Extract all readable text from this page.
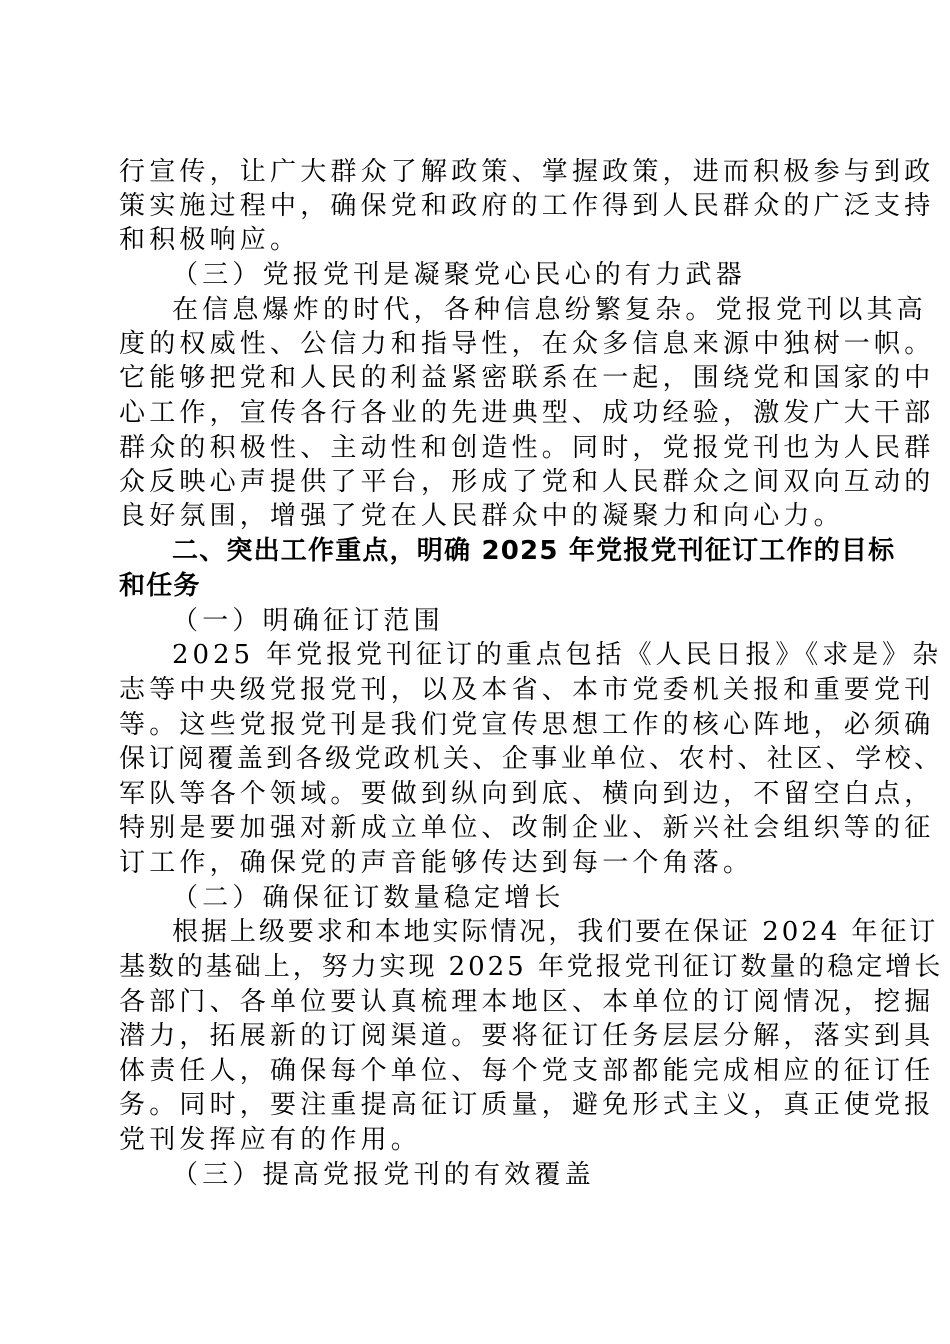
行宣传，让广大群众了解政策、掌握政策，进而积极参与到政
策实施过程中，确保党和政府的工作得到人民群众的广泛支持
和积极响应。
（三）党报党刊是凝聚党心民心的有力武器
在信息爆炸的时代，各种信息纷繁复杂。党报党刊以其高
度的权威性、公信力和指导性，在众多信息来源中独树一帜。
它能够把党和人民的利益紧密联系在一起，围绕党和国家的中
心工作，宣传各行各业的先进典型、成功经验，激发广大干部
群众的积极性、主动性和创造性。同时，党报党刊也为人民群
众反映心声提供了平台，形成了党和人民群众之间双向互动的
良好氛围，增强了党在人民群众中的凝聚力和向心力。
二、突出工作重点，明确 2025 年党报党刊征订工作的目标
和任务
（一）明确征订范围
2025 年党报党刊征订的重点包括《人民日报》《求是》杂
志等中央级党报党刊，以及本省、本市党委机关报和重要党刊
等。这些党报党刊是我们党宣传思想工作的核心阵地，必须确
保订阅覆盖到各级党政机关、企事业单位、农村、社区、学校、
军队等各个领域。要做到纵向到底、横向到边，不留空白点，
特别是要加强对新成立单位、改制企业、新兴社会组织等的征
订工作，确保党的声音能够传达到每一个角落。
（二）确保征订数量稳定增长
根据上级要求和本地实际情况，我们要在保证 2024 年征订
基数的基础上，努力实现 2025 年党报党刊征订数量的稳定增长
各部门、各单位要认真梳理本地区、本单位的订阅情况，挖掘
潜力，拓展新的订阅渠道。要将征订任务层层分解，落实到具
体责任人，确保每个单位、每个党支部都能完成相应的征订任
务。同时，要注重提高征订质量，避免形式主义，真正使党报
党刊发挥应有的作用。
（三）提高党报党刊的有效覆盖
